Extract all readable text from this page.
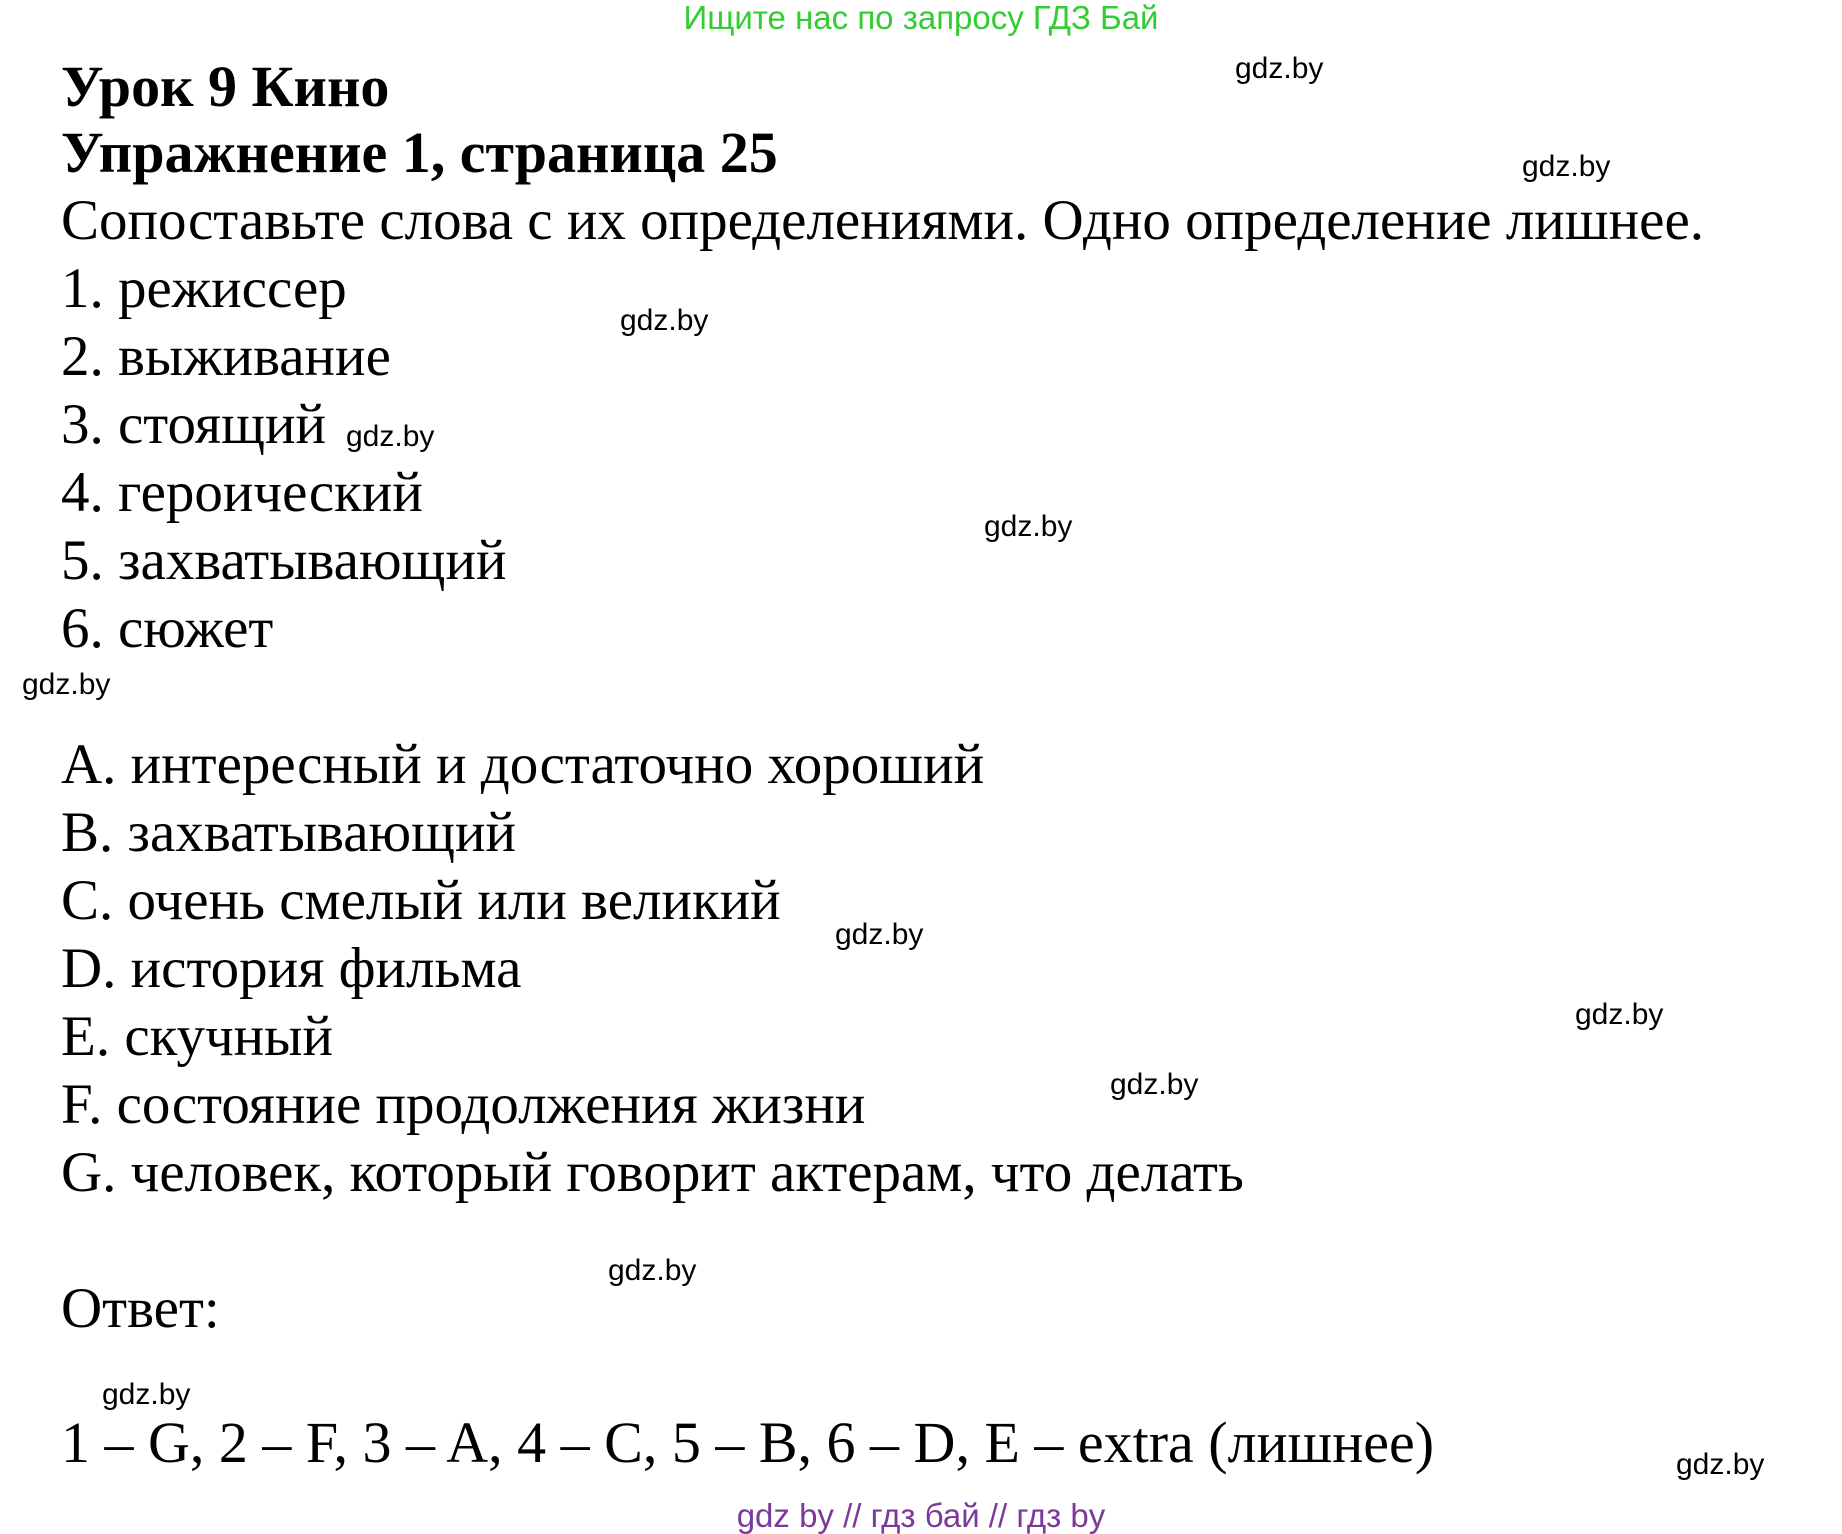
Ищите нас по запросу ГДЗ Бай
Урок 9 Кино
Упражнение 1, страница 25
Сопоставьте слова с их определениями. Одно определение лишнее.
1. режиссер
2. выживание
3. стоящий
4. героический
5. захватывающий
6. сюжет
A. интересный и достаточно хороший
B. захватывающий
C. очень смелый или великий
D. история фильма
E. скучный
F. состояние продолжения жизни
G. человек, который говорит актерам, что делать
Ответ:
1 – G, 2 – F, 3 – A, 4 – C, 5 – B, 6 – D, E – extra (лишнее)
gdz.by
gdz.by
gdz.by
gdz.by
gdz.by
gdz.by
gdz.by
gdz.by
gdz.by
gdz.by
gdz.by
gdz.by
gdz by // гдз бай // гдз by
